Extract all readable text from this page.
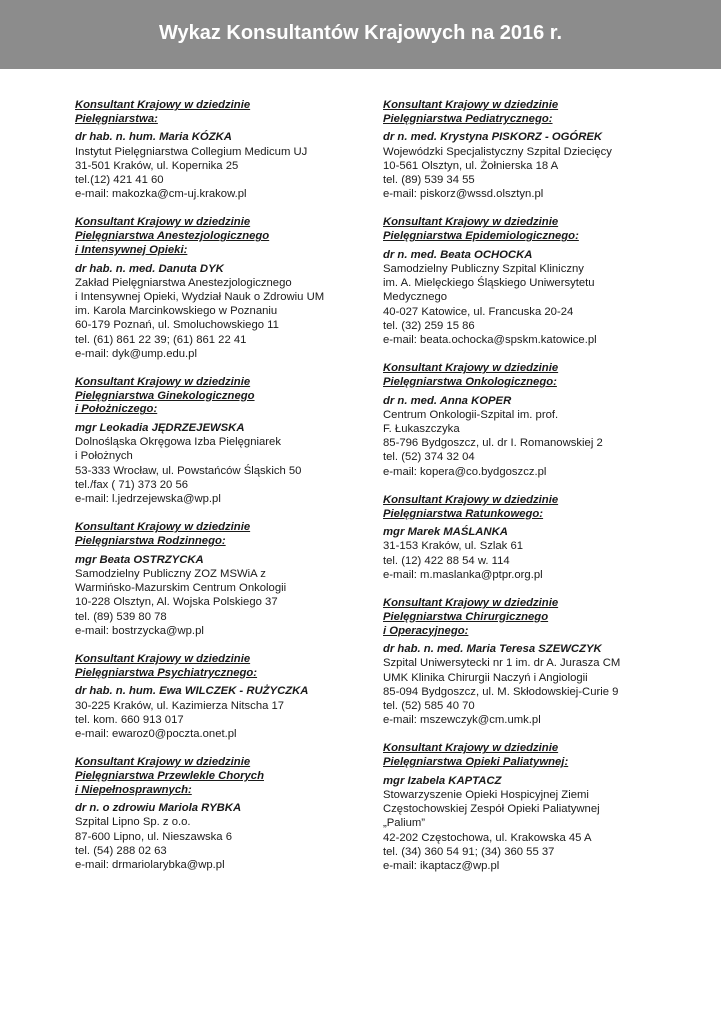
Wykaz Konsultantów Krajowych na 2016 r.
Konsultant Krajowy w dziedzinie
Pielęgniarstwa:
dr hab. n. hum. Maria KÓZKA
Instytut Pielęgniarstwa Collegium Medicum UJ
31-501 Kraków, ul. Kopernika 25
tel.(12) 421 41 60
e-mail: makozka@cm-uj.krakow.pl
Konsultant Krajowy w dziedzinie
Pielęgniarstwa Anestezjologicznego
i Intensywnej Opieki:
dr hab. n. med. Danuta DYK
Zakład Pielęgniarstwa Anestezjologicznego
i Intensywnej Opieki, Wydział Nauk o Zdrowiu UM
im. Karola Marcinkowskiego w Poznaniu
60-179 Poznań, ul. Smoluchowskiego 11
tel. (61) 861 22 39; (61) 861 22 41
e-mail: dyk@ump.edu.pl
Konsultant Krajowy w dziedzinie
Pielęgniarstwa Ginekologicznego
i Położniczego:
mgr Leokadia JĘDRZEJEWSKA
Dolnośląska Okręgowa Izba Pielęgniarek
i Położnych
53-333 Wrocław, ul. Powstańców Śląskich 50
tel./fax ( 71) 373 20 56
e-mail: l.jedrzejewska@wp.pl
Konsultant Krajowy w dziedzinie
Pielęgniarstwa Rodzinnego:
mgr Beata OSTRZYCKA
Samodzielny Publiczny ZOZ MSWiA z
Warmińsko-Mazurskim Centrum Onkologii
10-228 Olsztyn, Al. Wojska Polskiego 37
tel. (89) 539 80 78
e-mail: bostrzycka@wp.pl
Konsultant Krajowy w dziedzinie
Pielęgniarstwa Psychiatrycznego:
dr hab. n. hum. Ewa WILCZEK - RUŻYCZKA
30-225 Kraków, ul. Kazimierza Nitscha 17
tel. kom. 660 913 017
e-mail: ewaroz0@poczta.onet.pl
Konsultant Krajowy w dziedzinie
Pielęgniarstwa Przewlekle Chorych
i Niepełnosprawnych:
dr n. o zdrowiu Mariola RYBKA
Szpital Lipno Sp. z o.o.
87-600 Lipno, ul. Nieszawska 6
tel. (54) 288 02 63
e-mail: drmariolarybka@wp.pl
Konsultant Krajowy w dziedzinie
Pielęgniarstwa Pediatrycznego:
dr n. med. Krystyna PISKORZ - OGÓREK
Wojewódzki Specjalistyczny Szpital Dziecięcy
10-561 Olsztyn, ul. Żołnierska 18 A
tel. (89) 539 34 55
e-mail: piskorz@wssd.olsztyn.pl
Konsultant Krajowy w dziedzinie
Pielęgniarstwa Epidemiologicznego:
dr n. med. Beata OCHOCKA
Samodzielny Publiczny Szpital Kliniczny
im. A. Mielęckiego Śląskiego Uniwersytetu
Medycznego
40-027 Katowice, ul. Francuska 20-24
tel. (32) 259 15 86
e-mail: beata.ochocka@spskm.katowice.pl
Konsultant Krajowy w dziedzinie
Pielęgniarstwa Onkologicznego:
dr n. med. Anna KOPER
Centrum Onkologii-Szpital im. prof.
F. Łukaszczyka
85-796 Bydgoszcz, ul. dr I. Romanowskiej 2
tel. (52) 374 32 04
e-mail: kopera@co.bydgoszcz.pl
Konsultant Krajowy w dziedzinie
Pielęgniarstwa Ratunkowego:
mgr Marek MAŚLANKA
31-153 Kraków, ul. Szlak 61
tel. (12) 422 88 54 w. 114
e-mail: m.maslanka@ptpr.org.pl
Konsultant Krajowy w dziedzinie
Pielęgniarstwa Chirurgicznego
i Operacyjnego:
dr hab. n. med. Maria Teresa SZEWCZYK
Szpital Uniwersytecki nr 1 im. dr A. Jurasza CM
UMK Klinika Chirurgii Naczyń i Angiologii
85-094 Bydgoszcz, ul. M. Skłodowskiej-Curie 9
tel. (52) 585 40 70
e-mail: mszewczyk@cm.umk.pl
Konsultant Krajowy w dziedzinie
Pielęgniarstwa Opieki Paliatywnej:
mgr Izabela KAPTACZ
Stowarzyszenie Opieki Hospicyjnej Ziemi
Częstochowskiej Zespół Opieki Paliatywnej
„Palium”
42-202 Częstochowa, ul. Krakowska 45 A
tel. (34) 360 54 91; (34) 360 55 37
e-mail: ikaptacz@wp.pl
